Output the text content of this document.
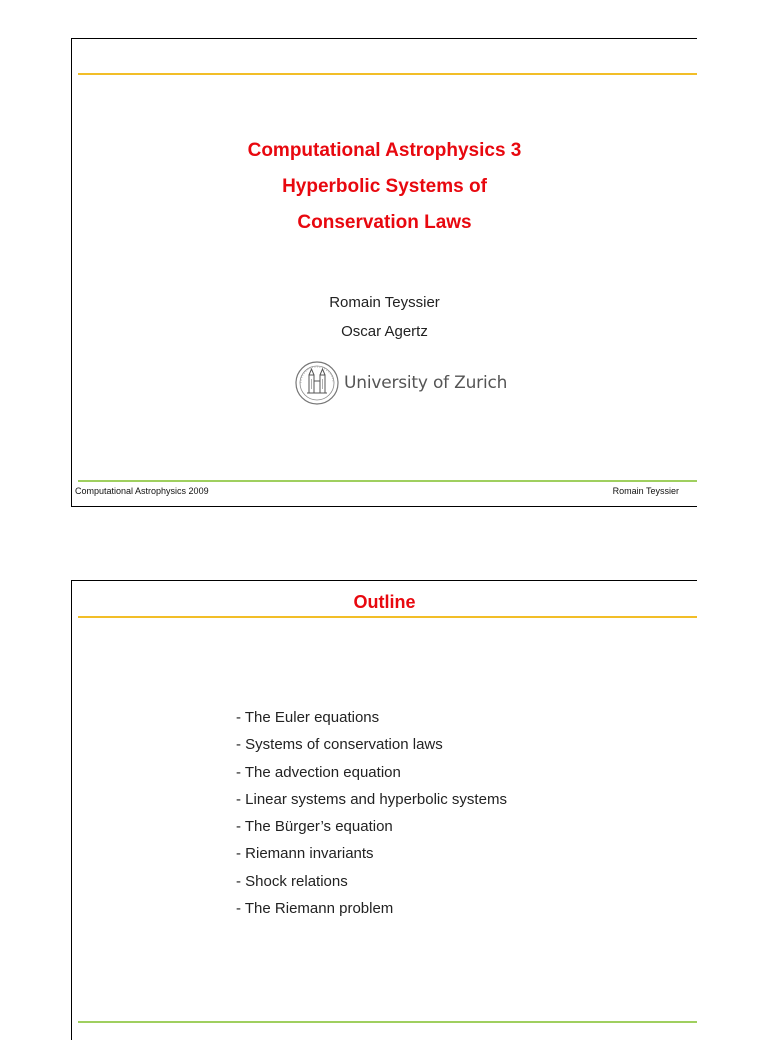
Computational Astrophysics 3
Hyperbolic Systems of
Conservation Laws
Romain Teyssier
Oscar Agertz
University of Zurich
Computational Astrophysics 2009	Romain Teyssier
Outline
- The Euler equations
- Systems of conservation laws
- The advection equation
- Linear systems and hyperbolic systems
- The Bürger’s equation
- Riemann invariants
- Shock relations
- The Riemann problem
